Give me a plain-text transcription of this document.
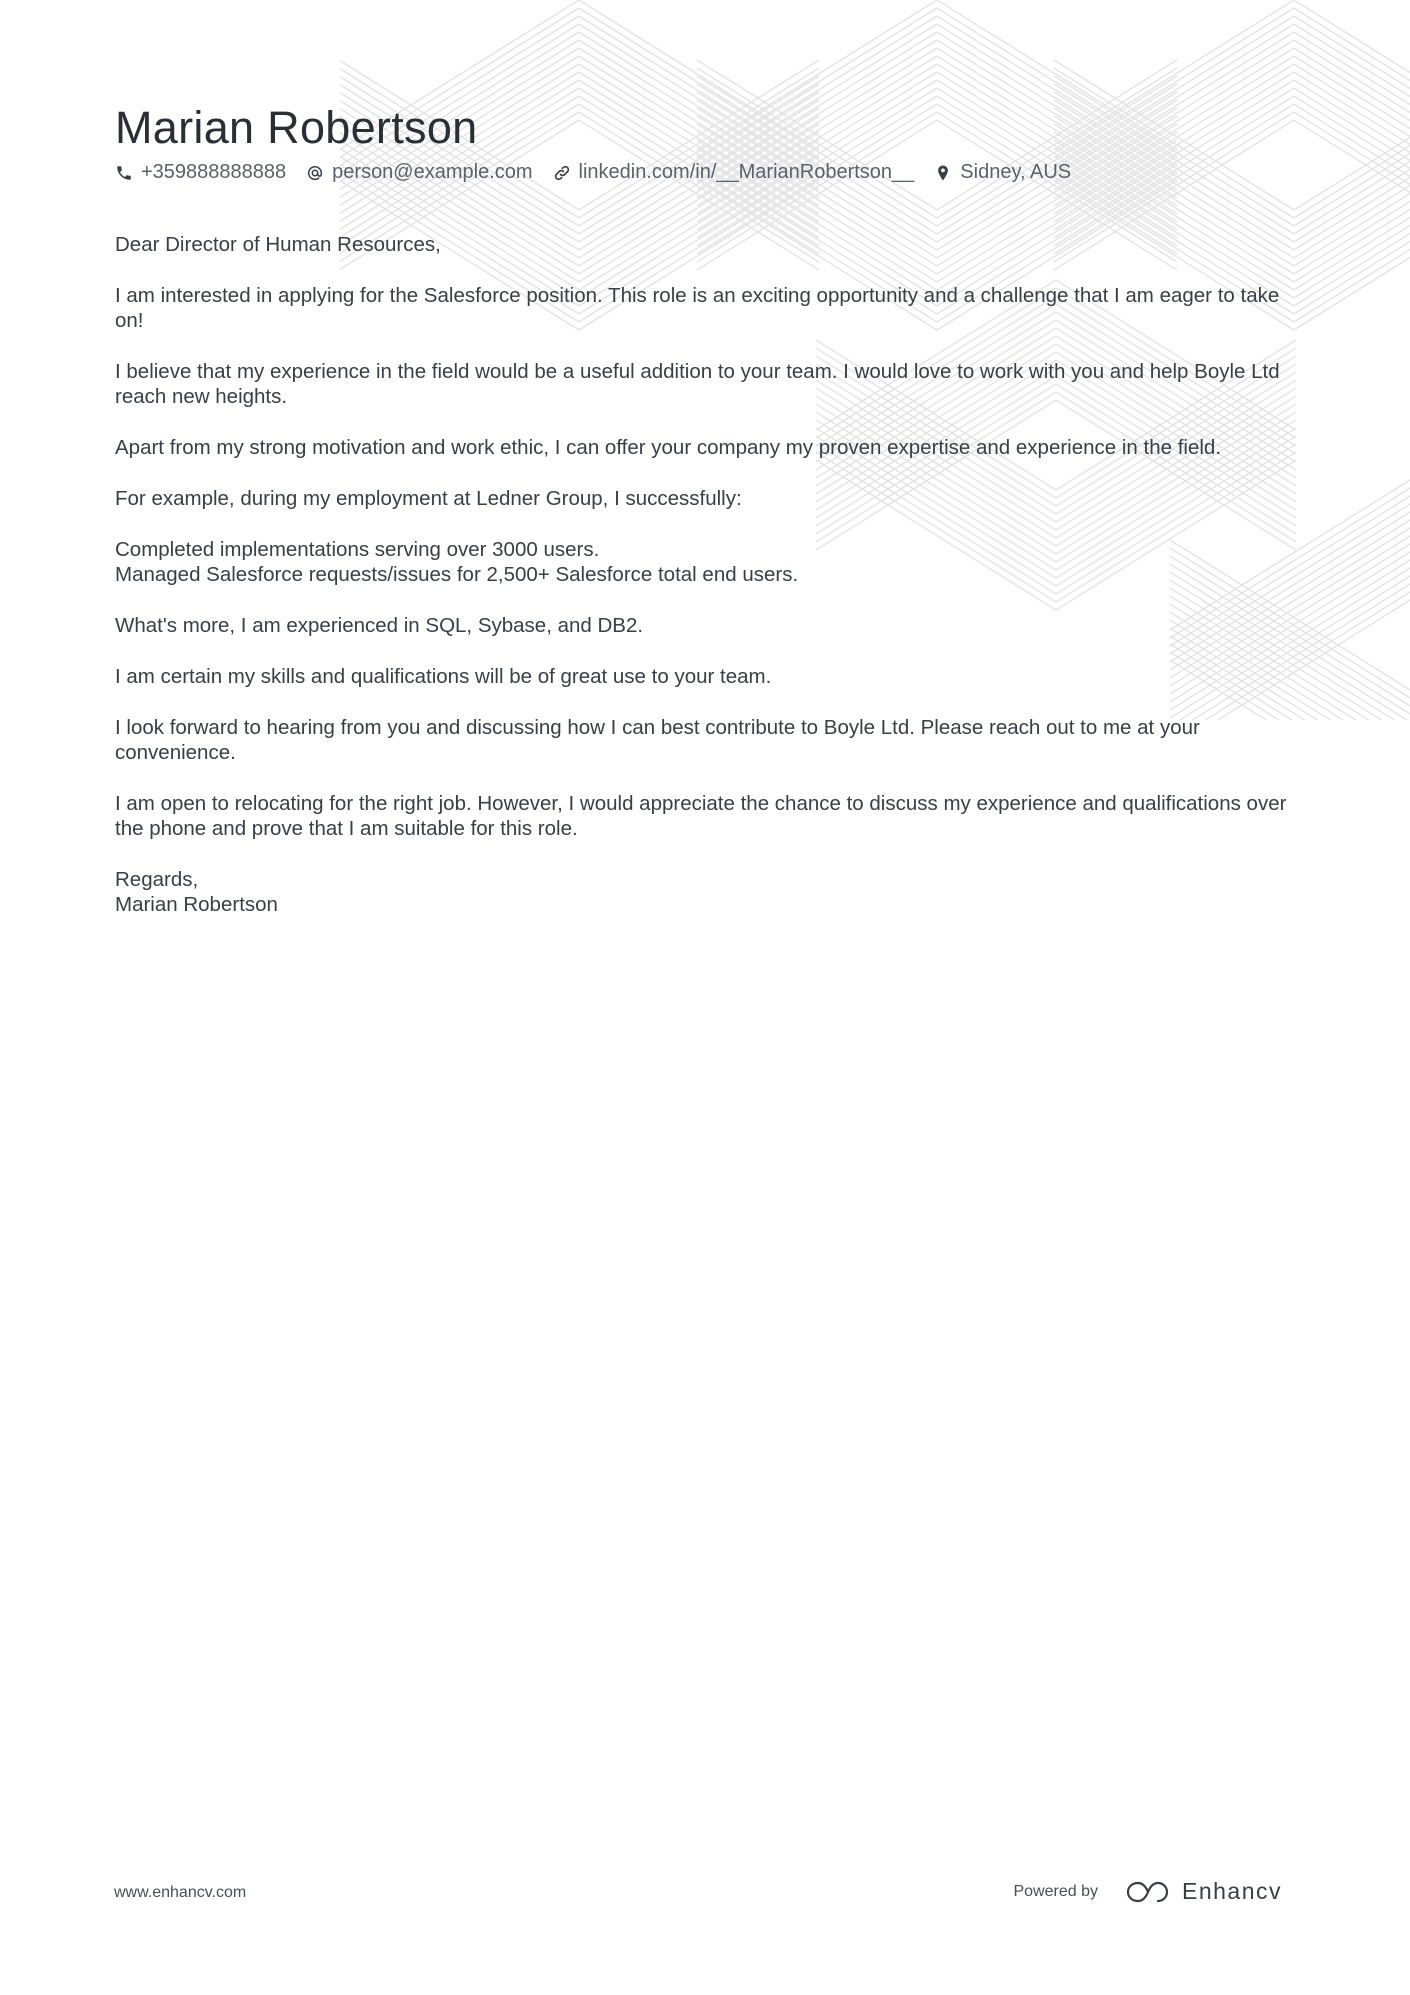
Marian Robertson
+359888888888 person@example.com linkedin.com/in/__MarianRobertson__ Sidney, AUS

Dear Director of Human Resources,

I am interested in applying for the Salesforce position. This role is an exciting opportunity and a challenge that I am eager to take on!

I believe that my experience in the field would be a useful addition to your team. I would love to work with you and help Boyle Ltd reach new heights.

Apart from my strong motivation and work ethic, I can offer your company my proven expertise and experience in the field.

For example, during my employment at Ledner Group, I successfully:

Completed implementations serving over 3000 users.
Managed Salesforce requests/issues for 2,500+ Salesforce total end users.

What's more, I am experienced in SQL, Sybase, and DB2.

I am certain my skills and qualifications will be of great use to your team.

I look forward to hearing from you and discussing how I can best contribute to Boyle Ltd. Please reach out to me at your convenience.

I am open to relocating for the right job. However, I would appreciate the chance to discuss my experience and qualifications over the phone and prove that I am suitable for this role.

Regards,
Marian Robertson

www.enhancv.com	Powered by	Enhancv
